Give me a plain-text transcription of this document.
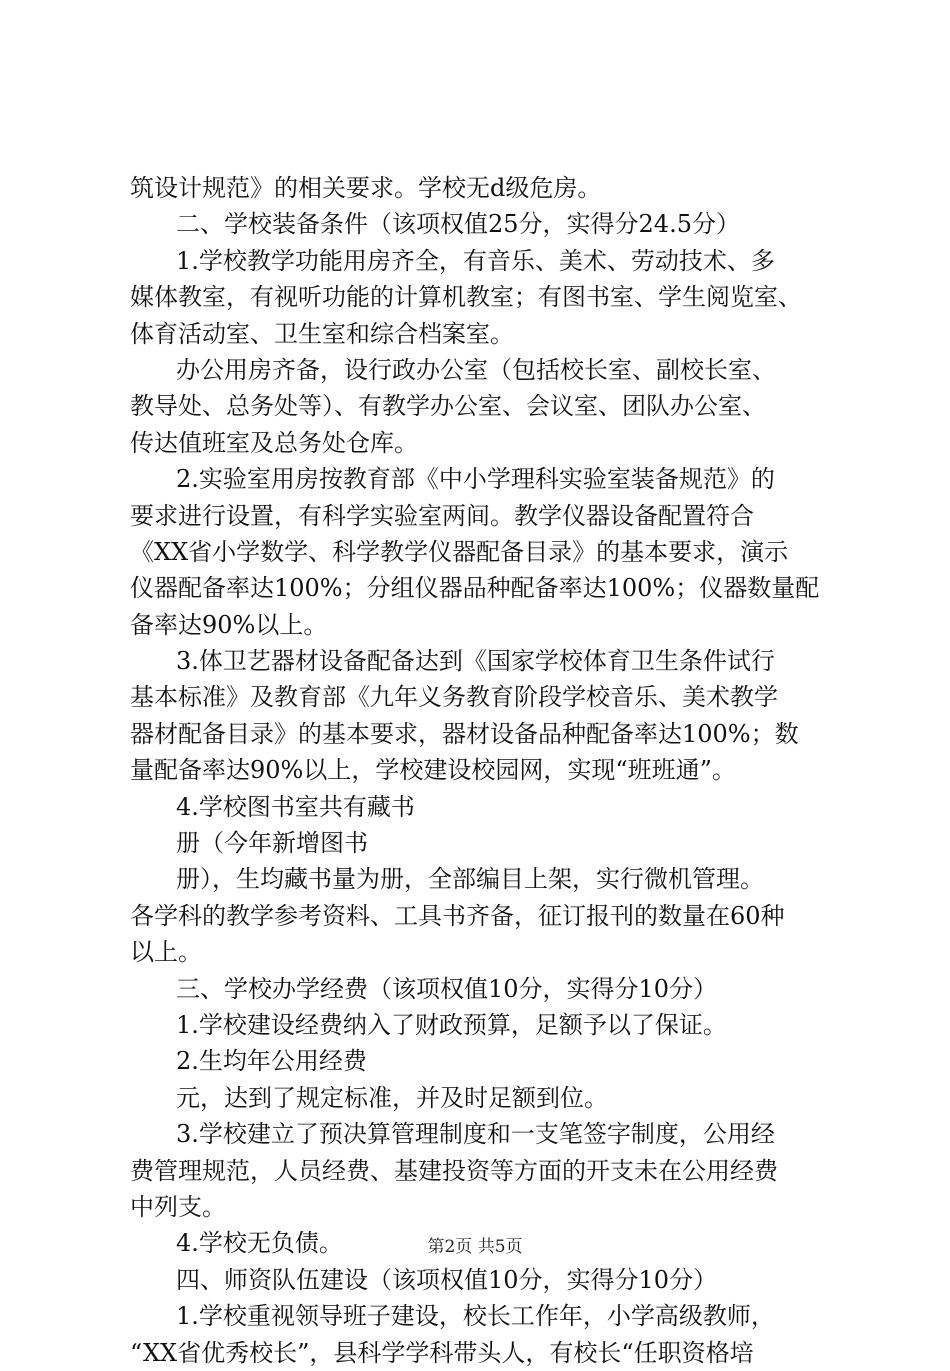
筑设计规范》的相关要求。学校无d级危房。
二、学校装备条件（该项权值25分，实得分24.5分）
1.学校教学功能用房齐全，有音乐、美术、劳动技术、多
媒体教室，有视听功能的计算机教室；有图书室、学生阅览室、
体育活动室、卫生室和综合档案室。
办公用房齐备，设行政办公室（包括校长室、副校长室、
教导处、总务处等）、有教学办公室、会议室、团队办公室、
传达值班室及总务处仓库。
2.实验室用房按教育部《中小学理科实验室装备规范》的
要求进行设置，有科学实验室两间。教学仪器设备配置符合
《XX省小学数学、科学教学仪器配备目录》的基本要求，演示
仪器配备率达100%；分组仪器品种配备率达100%；仪器数量配
备率达90%以上。
3.体卫艺器材设备配备达到《国家学校体育卫生条件试行
基本标准》及教育部《九年义务教育阶段学校音乐、美术教学
器材配备目录》的基本要求，器材设备品种配备率达100%；数
量配备率达90%以上，学校建设校园网，实现“班班通”。
4.学校图书室共有藏书
册（今年新增图书
册），生均藏书量为册，全部编目上架，实行微机管理。
各学科的教学参考资料、工具书齐备，征订报刊的数量在60种
以上。
三、学校办学经费（该项权值10分，实得分10分）
1.学校建设经费纳入了财政预算，足额予以了保证。
2.生均年公用经费
元，达到了规定标准，并及时足额到位。
3.学校建立了预决算管理制度和一支笔签字制度，公用经
费管理规范，人员经费、基建投资等方面的开支未在公用经费
中列支。
4.学校无负债。
四、师资队伍建设（该项权值10分，实得分10分）
1.学校重视领导班子建设，校长工作年，小学高级教师，
“XX省优秀校长”，县科学学科带头人，有校长“任职资格培
第2页 共5页
